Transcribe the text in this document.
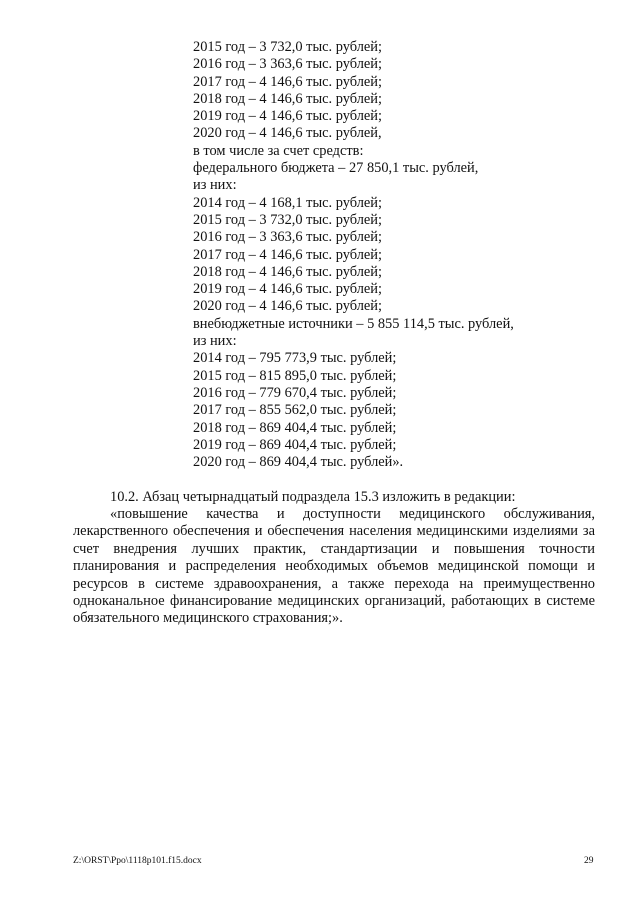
2015 год – 3 732,0 тыс. рублей;
2016 год – 3 363,6 тыс. рублей;
2017 год – 4 146,6 тыс. рублей;
2018 год – 4 146,6 тыс. рублей;
2019 год – 4 146,6 тыс. рублей;
2020 год – 4 146,6 тыс. рублей,
в том числе за счет средств:
федерального бюджета – 27 850,1 тыс. рублей,
из них:
2014 год – 4 168,1 тыс. рублей;
2015 год – 3 732,0 тыс. рублей;
2016 год – 3 363,6 тыс. рублей;
2017 год – 4 146,6 тыс. рублей;
2018 год – 4 146,6 тыс. рублей;
2019 год – 4 146,6 тыс. рублей;
2020 год – 4 146,6 тыс. рублей;
внебюджетные источники – 5 855 114,5 тыс. рублей,
из них:
2014 год – 795 773,9 тыс. рублей;
2015 год – 815 895,0 тыс. рублей;
2016 год – 779 670,4 тыс. рублей;
2017 год – 855 562,0 тыс. рублей;
2018 год – 869 404,4 тыс. рублей;
2019 год – 869 404,4 тыс. рублей;
2020 год – 869 404,4 тыс. рублей».
10.2. Абзац четырнадцатый подраздела 15.3 изложить в редакции:

«повышение качества и доступности медицинского обслуживания, лекарственного обеспечения и обеспечения населения медицинскими изделиями за счет внедрения лучших практик, стандартизации и повышения точности планирования и распределения необходимых объемов медицинской помощи и ресурсов в системе здравоохранения, а также перехода на преимущественно одноканальное финансирование медицинских организаций, работающих в системе обязательного медицинского страхования;».

Z:\ORST\Ppo\1118p101.f15.docx	29
